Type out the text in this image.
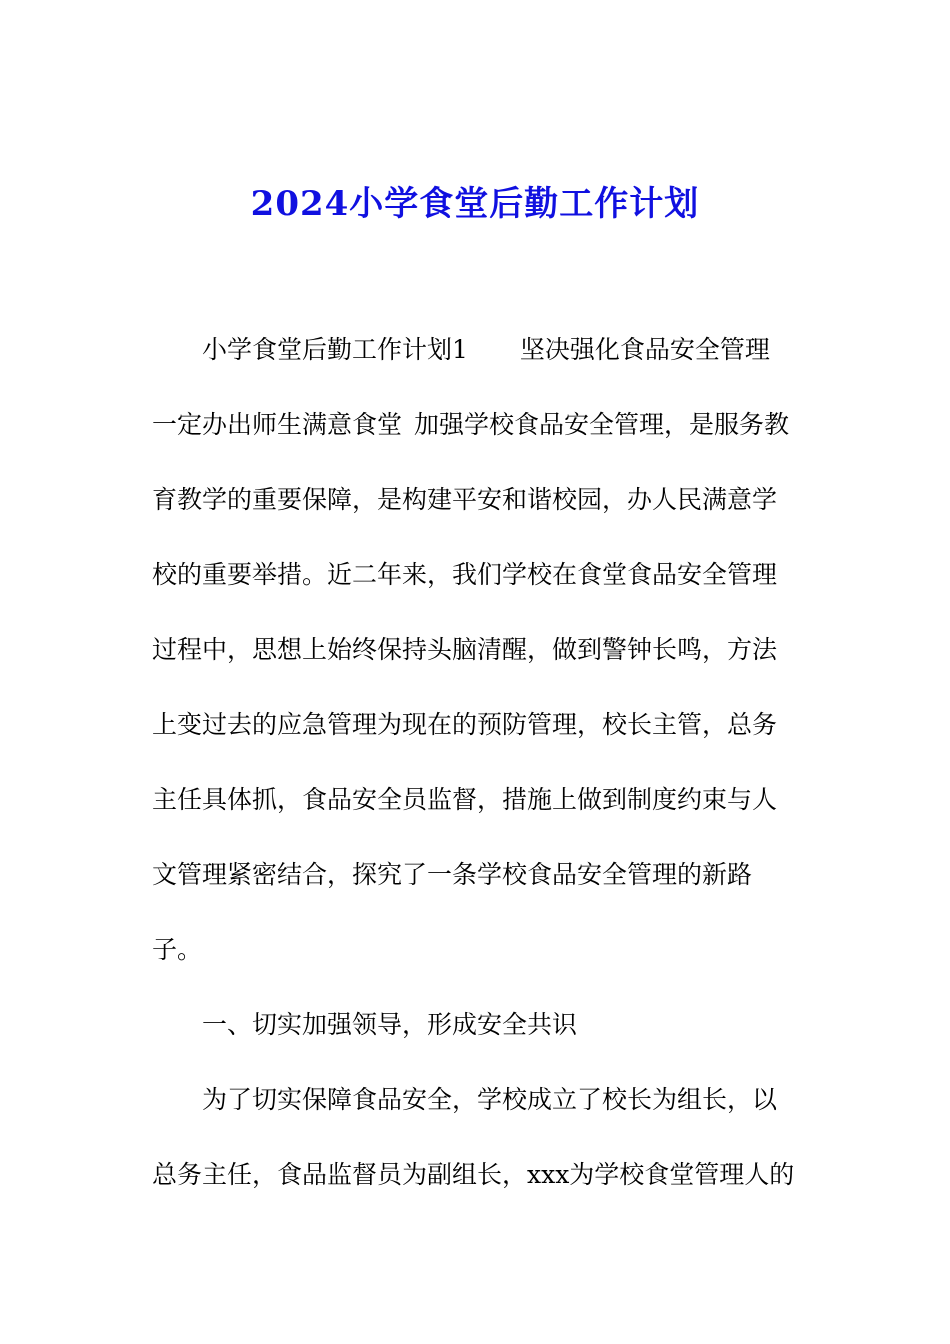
2024小学食堂后勤工作计划

小学食堂后勤工作计划1 坚决强化食品安全管理

一定办出师生满意食堂 加强学校食品安全管理，是服务教

育教学的重要保障，是构建平安和谐校园，办人民满意学

校的重要举措。近二年来，我们学校在食堂食品安全管理

过程中，思想上始终保持头脑清醒，做到警钟长鸣，方法

上变过去的应急管理为现在的预防管理，校长主管，总务

主任具体抓，食品安全员监督，措施上做到制度约束与人

文管理紧密结合，探究了一条学校食品安全管理的新路

子。

一、切实加强领导，形成安全共识

为了切实保障食品安全，学校成立了校长为组长，以

总务主任，食品监督员为副组长，xxx为学校食堂管理人的
